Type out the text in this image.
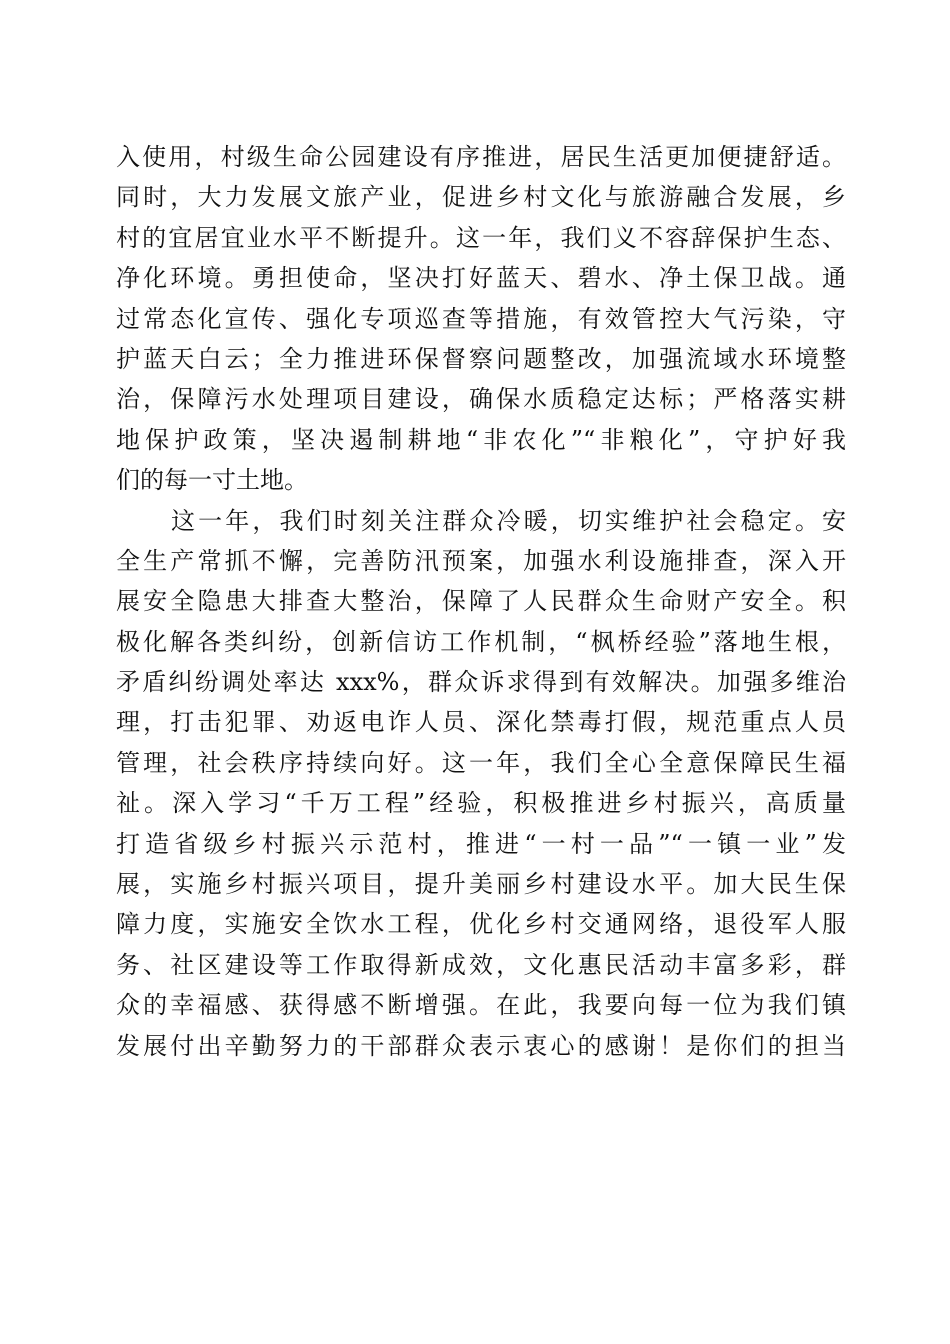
入使用，村级生命公园建设有序推进，居民生活更加便捷舒适。
同时，大力发展文旅产业，促进乡村文化与旅游融合发展，乡
村的宜居宜业水平不断提升。这一年，我们义不容辞保护生态、
净化环境。勇担使命，坚决打好蓝天、碧水、净土保卫战。通
过常态化宣传、强化专项巡查等措施，有效管控大气污染，守
护蓝天白云；全力推进环保督察问题整改，加强流域水环境整
治，保障污水处理项目建设，确保水质稳定达标；严格落实耕
地保护政策，坚决遏制耕地“非农化”“非粮化”，守护好我
们的每一寸土地。
这一年，我们时刻关注群众冷暖，切实维护社会稳定。安
全生产常抓不懈，完善防汛预案，加强水利设施排查，深入开
展安全隐患大排查大整治，保障了人民群众生命财产安全。积
极化解各类纠纷，创新信访工作机制，“枫桥经验”落地生根，
矛盾纠纷调处率达 xxx%，群众诉求得到有效解决。加强多维治
理，打击犯罪、劝返电诈人员、深化禁毒打假，规范重点人员
管理，社会秩序持续向好。这一年，我们全心全意保障民生福
祉。深入学习“千万工程”经验，积极推进乡村振兴，高质量
打造省级乡村振兴示范村，推进“一村一品”“一镇一业”发
展，实施乡村振兴项目，提升美丽乡村建设水平。加大民生保
障力度，实施安全饮水工程，优化乡村交通网络，退役军人服
务、社区建设等工作取得新成效，文化惠民活动丰富多彩，群
众的幸福感、获得感不断增强。在此，我要向每一位为我们镇
发展付出辛勤努力的干部群众表示衷心的感谢！是你们的担当
